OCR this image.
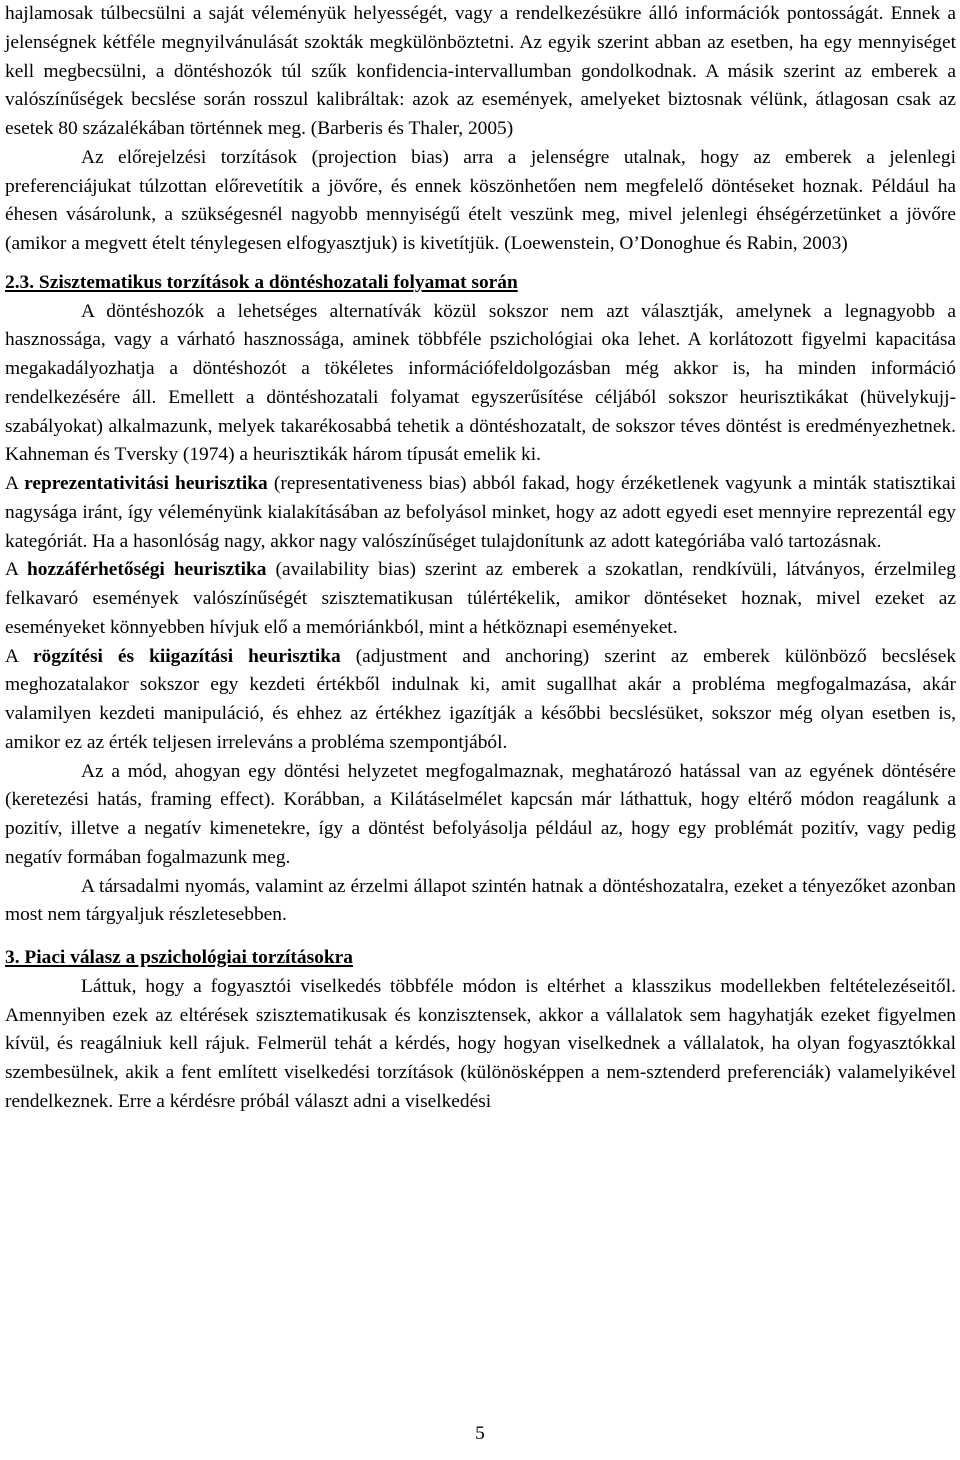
hajlamosak túlbecsülni a saját véleményük helyességét, vagy a rendelkezésükre álló információk pontosságát. Ennek a jelenségnek kétféle megnyilvánulását szokták megkülönböztetni. Az egyik szerint abban az esetben, ha egy mennyiséget kell megbecsülni, a döntéshozók túl szűk konfidencia-intervallumban gondolkodnak. A másik szerint az emberek a valószínűségek becslése során rosszul kalibráltak: azok az események, amelyeket biztosnak vélünk, átlagosan csak az esetek 80 százalékában történnek meg. (Barberis és Thaler, 2005)

Az előrejelzési torzítások (projection bias) arra a jelenségre utalnak, hogy az emberek a jelenlegi preferenciájukat túlzottan előrevetítik a jövőre, és ennek köszönhetően nem megfelelő döntéseket hoznak. Például ha éhesen vásárolunk, a szükségesnél nagyobb mennyiségű ételt veszünk meg, mivel jelenlegi éhségérzetünket a jövőre (amikor a megvett ételt ténylegesen elfogyasztjuk) is kivetítjük. (Loewenstein, O’Donoghue és Rabin, 2003)

2.3. Szisztematikus torzítások a döntéshozatali folyamat során

A döntéshozók a lehetséges alternatívák közül sokszor nem azt választják, amelynek a legnagyobb a hasznossága, vagy a várható hasznossága, aminek többféle pszichológiai oka lehet. A korlátozott figyelmi kapacitása megakadályozhatja a döntéshozót a tökéletes információfeldolgozásban még akkor is, ha minden információ rendelkezésére áll. Emellett a döntéshozatali folyamat egyszerűsítése céljából sokszor heurisztikákat (hüvelykujj-szabályokat) alkalmazunk, melyek takarékosabbá tehetik a döntéshozatalt, de sokszor téves döntést is eredményezhetnek. Kahneman és Tversky (1974) a heurisztikák három típusát emelik ki.

A reprezentativitási heurisztika (representativeness bias) abból fakad, hogy érzéketlenek vagyunk a minták statisztikai nagysága iránt, így véleményünk kialakításában az befolyásol minket, hogy az adott egyedi eset mennyire reprezentál egy kategóriát. Ha a hasonlóság nagy, akkor nagy valószínűséget tulajdonítunk az adott kategóriába való tartozásnak.

A hozzáférhetőségi heurisztika (availability bias) szerint az emberek a szokatlan, rendkívüli, látványos, érzelmileg felkavaró események valószínűségét szisztematikusan túlértékelik, amikor döntéseket hoznak, mivel ezeket az eseményeket könnyebben hívjuk elő a memóriánkból, mint a hétköznapi eseményeket.

A rögzítési és kiigazítási heurisztika (adjustment and anchoring) szerint az emberek különböző becslések meghozatalakor sokszor egy kezdeti értékből indulnak ki, amit sugallhat akár a probléma megfogalmazása, akár valamilyen kezdeti manipuláció, és ehhez az értékhez igazítják a későbbi becslésüket, sokszor még olyan esetben is, amikor ez az érték teljesen irreleváns a probléma szempontjából.

Az a mód, ahogyan egy döntési helyzetet megfogalmaznak, meghatározó hatással van az egyének döntésére (keretezési hatás, framing effect). Korábban, a Kilátáselmélet kapcsán már láthattuk, hogy eltérő módon reagálunk a pozitív, illetve a negatív kimenetekre, így a döntést befolyásolja például az, hogy egy problémát pozitív, vagy pedig negatív formában fogalmazunk meg.

A társadalmi nyomás, valamint az érzelmi állapot szintén hatnak a döntéshozatalra, ezeket a tényezőket azonban most nem tárgyaljuk részletesebben.

3. Piaci válasz a pszichológiai torzításokra

Láttuk, hogy a fogyasztói viselkedés többféle módon is eltérhet a klasszikus modellekben feltételezéseitől. Amennyiben ezek az eltérések szisztematikusak és konzisztensek, akkor a vállalatok sem hagyhatják ezeket figyelmen kívül, és reagálniuk kell rájuk. Felmerül tehát a kérdés, hogy hogyan viselkednek a vállalatok, ha olyan fogyasztókkal szembesülnek, akik a fent említett viselkedési torzítások (különösképpen a nem-sztenderd preferenciák) valamelyikével rendelkeznek. Erre a kérdésre próbál választ adni a viselkedési

5
